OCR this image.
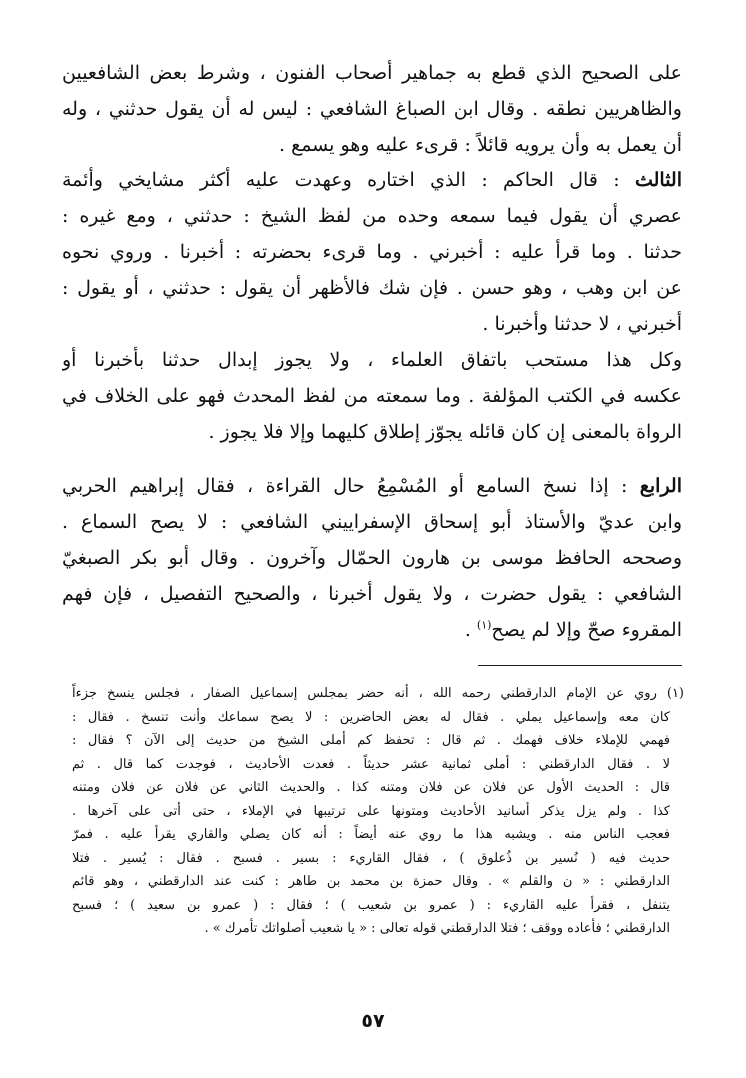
على الصحيح الذي قطع به جماهير أصحاب الفنون ، وشرط بعض الشافعيين
والظاهريين نطقه . وقال ابن الصباغ الشافعي : ليس له أن يقول حدثني ، وله
أن يعمل به وأن يرويه قائلاً : قرىء عليه وهو يسمع .
الثالث : قال الحاكم : الذي اختاره وعهدت عليه أكثر مشايخي وأئمة
عصري أن يقول فيما سمعه وحده من لفظ الشيخ : حدثني ، ومع غيره :
حدثنا . وما قرأ عليه : أخبرني . وما قرىء بحضرته : أخبرنا . وروي نحوه
عن ابن وهب ، وهو حسن . فإن شك فالأظهر أن يقول : حدثني ، أو يقول :
أخبرني ، لا حدثنا وأخبرنا .
وكل هذا مستحب باتفاق العلماء ، ولا يجوز إبدال حدثنا بأخبرنا أو
عكسه في الكتب المؤلفة . وما سمعته من لفظ المحدث فهو على الخلاف في
الرواة بالمعنى إن كان قائله يجوّز إطلاق كليهما وإلا فلا يجوز .
الرابع : إذا نسخ السامع أو المُسْمِعُ حال القراءة ، فقال إبراهيم الحربي
وابن عديّ والأستاذ أبو إسحاق الإسفراييني الشافعي : لا يصح السماع .
وصححه الحافظ موسى بن هارون الحمّال وآخرون . وقال أبو بكر الصبغيّ
الشافعي : يقول حضرت ، ولا يقول أخبرنا ، والصحيح التفصيل ، فإن فهم
المقروء صحّ وإلا لم يصح$^{(١)}$ .
(١) روي عن الإمام الدارقطني رحمه الله ، أنه حضر بمجلس إسماعيل الصفار ، فجلس ينسخ جزءاً
كان معه وإسماعيل يملي . فقال له بعض الحاضرين : لا يصح سماعك وأنت تنسخ . فقال :
فهمي للإملاء خلاف فهمك . ثم قال : تحفظ كم أملى الشيخ من حديث إلى الآن ؟ فقال :
لا . فقال الدارقطني : أملى ثمانية عشر حديثاً . فعدت الأحاديث ، فوجدت كما قال . ثم
قال : الحديث الأول عن فلان عن فلان ومتنه كذا . والحديث الثاني عن فلان عن فلان ومتنه
كذا . ولم يزل يذكر أسانيد الأحاديث ومتونها على ترتيبها في الإملاء ، حتى أتى على آخرها .
فعجب الناس منه . ويشبه هذا ما روي عنه أيضاً : أنه كان يصلي والقاري يقرأ عليه . فمرّ
حديث فيه ( نُسير بن ذُعلوق ) ، فقال القاريء : بسير . فسبح . فقال : يُسير . فتلا
الدارقطني : « ن والقلم » . وقال حمزة بن محمد بن طاهر : كنت عند الدارقطني ، وهو قائم
يتنفل ، فقرأ عليه القاريء : ( عمرو بن شعيب ) ؛ فقال : ( عمرو بن سعيد ) ؛ فسبح
الدارقطني ؛ فأعاده ووقف ؛ فتلا الدارقطني قوله تعالى : « يا شعيب أصلواتك تأمرك » .
٥٧
